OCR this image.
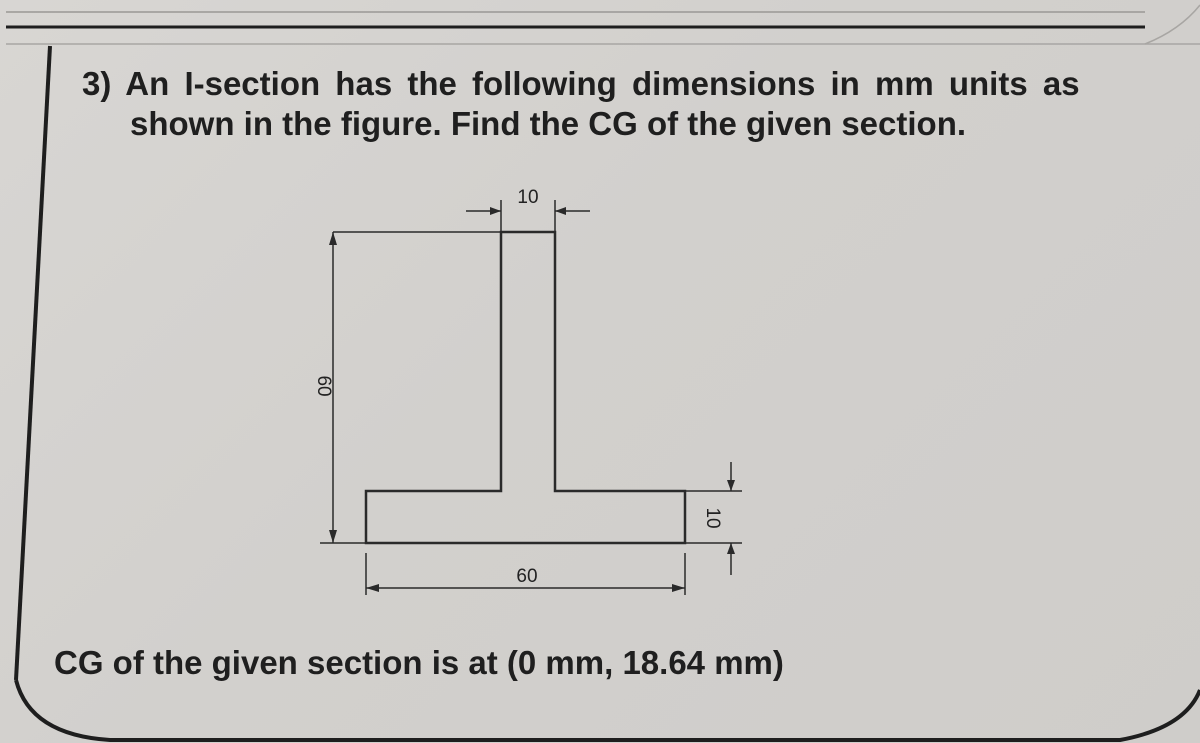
3) An I-section has the following dimensions in mm units as
shown in the figure. Find the CG of the given section.
10
60
10
60
CG of the given section is at (0 mm, 18.64 mm)
